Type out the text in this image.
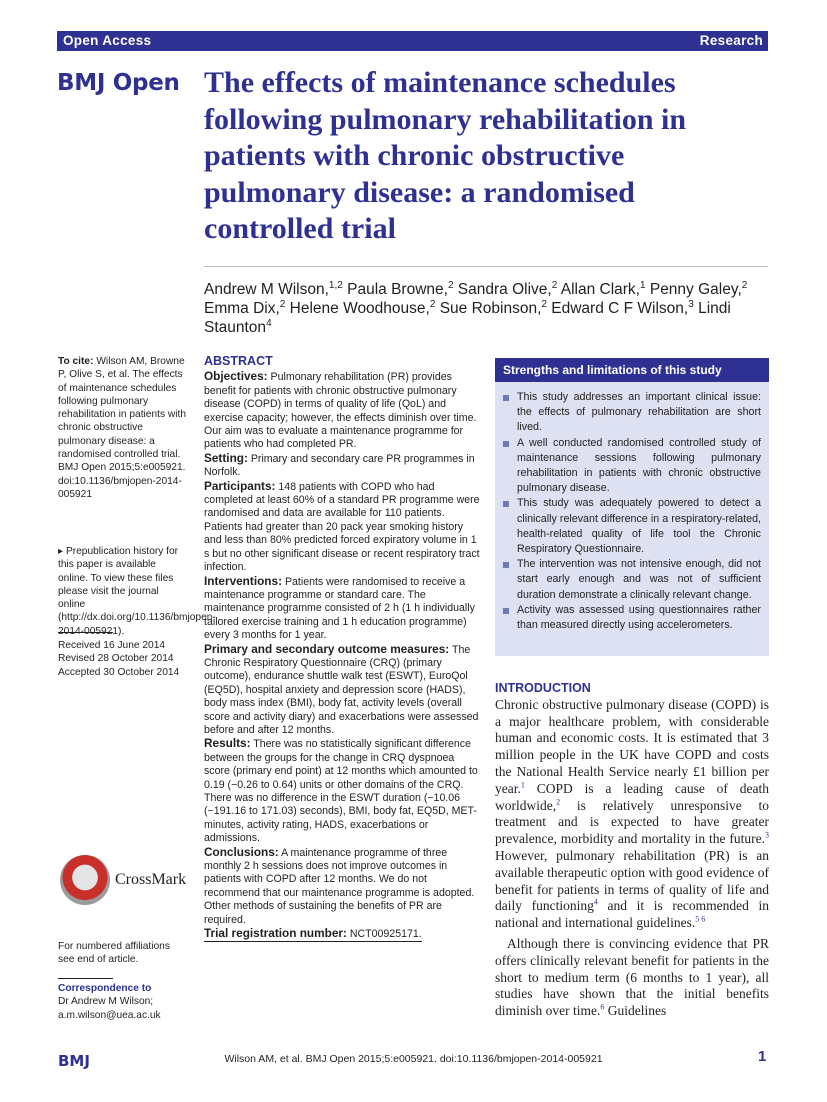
Open Access	Research
BMJ Open The effects of maintenance schedules following pulmonary rehabilitation in patients with chronic obstructive pulmonary disease: a randomised controlled trial
Andrew M Wilson,$^{1,2}$ Paula Browne,$^2$ Sandra Olive,$^2$ Allan Clark,$^1$ Penny Galey,$^2$ Emma Dix,$^2$ Helene Woodhouse,$^2$ Sue Robinson,$^2$ Edward C F Wilson,$^3$ Lindi Staunton$^4$
To cite: Wilson AM, Browne P, Olive S, et al. The effects of maintenance schedules following pulmonary rehabilitation in patients with chronic obstructive pulmonary disease: a randomised controlled trial. BMJ Open 2015;5:e005921. doi:10.1136/bmjopen-2014-005921
▸ Prepublication history for this paper is available online. To view these files please visit the journal online (http://dx.doi.org/10.1136/bmjopen-2014-005921).
Received 16 June 2014
Revised 28 October 2014
Accepted 30 October 2014
CrossMark
For numbered affiliations see end of article.
Correspondence to
Dr Andrew M Wilson;
a.m.wilson@uea.ac.uk
ABSTRACT

Objectives: Pulmonary rehabilitation (PR) provides benefit for patients with chronic obstructive pulmonary disease (COPD) in terms of quality of life (QoL) and exercise capacity; however, the effects diminish over time. Our aim was to evaluate a maintenance programme for patients who had completed PR.

Setting: Primary and secondary care PR programmes in Norfolk.

Participants: 148 patients with COPD who had completed at least 60% of a standard PR programme were randomised and data are available for 110 patients. Patients had greater than 20 pack year smoking history and less than 80% predicted forced expiratory volume in 1 s but no other significant disease or recent respiratory tract infection.

Interventions: Patients were randomised to receive a maintenance programme or standard care. The maintenance programme consisted of 2 h (1 h individually tailored exercise training and 1 h education programme) every 3 months for 1 year.

Primary and secondary outcome measures: The Chronic Respiratory Questionnaire (CRQ) (primary outcome), endurance shuttle walk test (ESWT), EuroQol (EQ5D), hospital anxiety and depression score (HADS), body mass index (BMI), body fat, activity levels (overall score and activity diary) and exacerbations were assessed before and after 12 months.

Results: There was no statistically significant difference between the groups for the change in CRQ dyspnoea score (primary end point) at 12 months which amounted to 0.19 (−0.26 to 0.64) units or other domains of the CRQ. There was no difference in the ESWT duration (−10.06 (−191.16 to 171.03) seconds), BMI, body fat, EQ5D, MET-minutes, activity rating, HADS, exacerbations or admissions.

Conclusions: A maintenance programme of three monthly 2 h sessions does not improve outcomes in patients with COPD after 12 months. We do not recommend that our maintenance programme is adopted. Other methods of sustaining the benefits of PR are required.

Trial registration number: NCT00925171.

Strengths and limitations of this study
This study addresses an important clinical issue: the effects of pulmonary rehabilitation are short lived.
A well conducted randomised controlled study of maintenance sessions following pulmonary rehabilitation in patients with chronic obstructive pulmonary disease.
This study was adequately powered to detect a clinically relevant difference in a respiratory-related, health-related quality of life tool the Chronic Respiratory Questionnaire.
The intervention was not intensive enough, did not start early enough and was not of sufficient duration demonstrate a clinically relevant change.
Activity was assessed using questionnaires rather than measured directly using accelerometers.
INTRODUCTION

Chronic obstructive pulmonary disease (COPD) is a major healthcare problem, with considerable human and economic costs. It is estimated that 3 million people in the UK have COPD and costs the National Health Service nearly £1 billion per year.$^1$ COPD is a leading cause of death worldwide,$^2$ is relatively unresponsive to treatment and is expected to have greater prevalence, morbidity and mortality in the future.$^3$ However, pulmonary rehabilitation (PR) is an available therapeutic option with good evidence of benefit for patients in terms of quality of life and daily functioning$^4$ and it is recommended in national and international guidelines.$^{5 6}$

Although there is convincing evidence that PR offers clinically relevant benefit for patients in the short to medium term (6 months to 1 year), all studies have shown that the initial benefits diminish over time.$^6$ Guidelines

BMJ	Wilson AM, et al. BMJ Open 2015;5:e005921. doi:10.1136/bmjopen-2014-005921	1
